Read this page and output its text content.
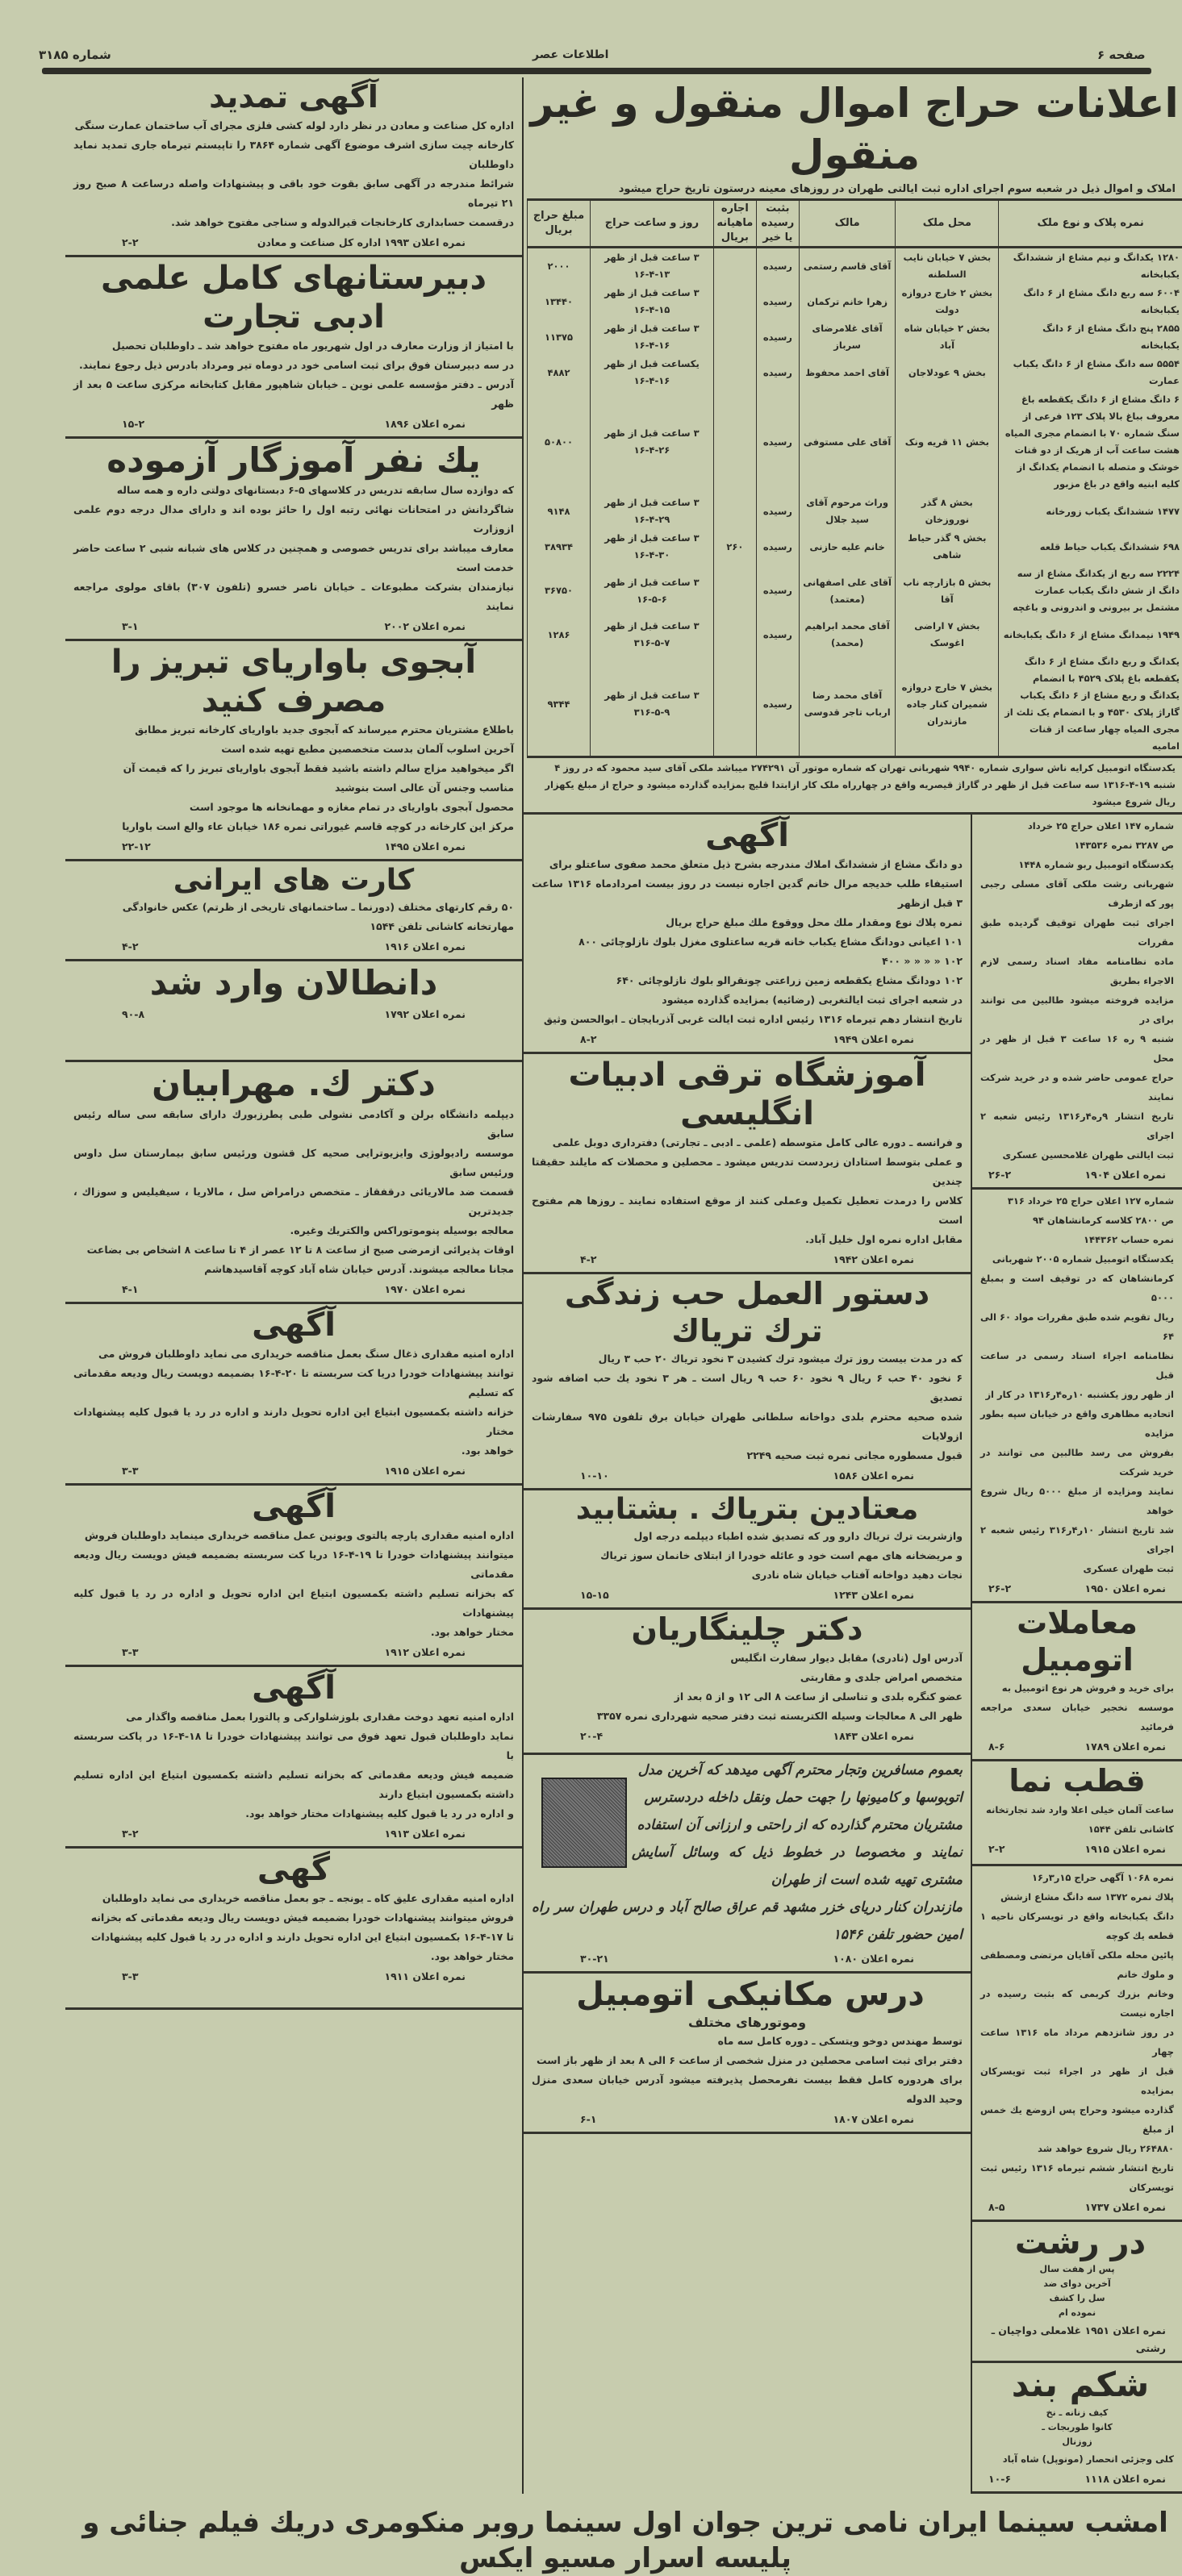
شماره ۳۱۸۵	اطلاعات عصر	صفحه ۶
آگهی تمدید

اداره کل صناعت و معادن در نظر دارد لوله کشی فلزی مجرای آب ساختمان عمارت سنگی

کارخانه چیت سازی اشرف موضوع آگهی شماره ۳۸۶۴ را تاپیستم تیرماه جاری تمدید نماید داوطلبان

شرائط مندرجه در آگهی سابق بقوت خود باقی و پیشنهادات واصله درساعت ۸ صبح روز ۲۱ تیرماه

درقسمت حسابداری کارخانجات قیرالدوله و سناجی مفتوح خواهد شد.

نمره اعلان ۱۹۹۳ اداره کل صناعت و معادن
۲-۲
دبیرستانهای کامل علمی ادبی تجارت

با امتیاز از وزارت معارف در اول شهریور ماه مفتوح خواهد شد ـ داوطلبان تحصیل

در سه دبیرستان فوق برای ثبت اسامی خود در دوماه تیر ومرداد بادرس ذیل رجوع نمایند.

آدرس ـ دفتر مؤسسه علمی نوین ـ خیابان شاهپور مقابل کتابخانه مرکزی ساعت ۵ بعد از ظهر

نمره اعلان ۱۸۹۶
۱۵-۲
یك نفر آموزگار آزموده

که دوازده سال سابقه تدریس در کلاسهای ۵-۶ دبستانهای دولتی داره و همه ساله

شاگردانش در امتحانات نهائی رتبه اول را حائز بوده اند و دارای مدال درجه دوم علمی ازوزارت

معارف میباشد برای تدریس خصوصی و همچنین در کلاس های شبانه شبی ۲ ساعت حاضر خدمت است

نیازمندان بشرکت مطبوعات ـ خیابان ناصر خسرو (تلفون ۳۰۷) باقای مولوی مراجعه نمایند

نمره اعلان ۲۰۰۲
۳-۱
آبجوی باواریای تبریز را مصرف کنید

باطلاع مشتریان محترم میرساند که آبجوی جدید باواریای کارخانه تبریز مطابق

آخرین اسلوب آلمان بدست متخصصین مطبع تهیه شده است

اگر میخواهید مزاج سالم داشته باشید فقط آبجوی باواریای تبریز را که قیمت آن

مناسب وجنس آن عالی است بنوشید

محصول آبجوی باواریای در تمام مغازه و مهمانخانه ها موجود است

مرکز این کارخانه در کوچه قاسم غیوراتی نمره ۱۸۶ خیابان عاء والع است باواریا

نمره اعلان ۱۴۹۵
۲۲-۱۲
کارت های ایرانی

۵۰ رقم کارتهای مختلف (دورنما ـ ساختمانهای تاریخی از ظرتم) عکس خانوادگی

مهارتخانه کاشانی تلفن ۱۵۴۴

نمره اعلان ۱۹۱۶
۴-۲
دانطالان وارد شد
نمره اعلان ۱۷۹۲
۹۰-۸
دکتر ك. مهرابیان

دیپلمه دانشگاه برلن و آکادمی نشولی طبی پطرزبورك دارای سابقه سی ساله رئیس سابق

موسسه رادیولوژی وایزیوترایی صحیه کل قشون ورئیس سابق بیمارستان سل داوس ورئیس سابق

قسمت ضد مالاریائی درقفقاز ـ متخصص درامراض سل ، مالاریا ، سیفیلیس و سوزاك ، جدیدترین

معالجه بوسیله پنوموتوراکس والکتریك وغیره.

اوقات پذیرائی ازمرضی صبح از ساعت ۸ تا ۱۲ عصر از ۴ تا ساعت ۸ اشخاص بی بضاعت

مجانا معالجه میشوند. آدرس خیابان شاه آباد کوچه آقاسیدهاشم

نمره اعلان ۱۹۷۰
۴-۱
آگهی

اداره امنیه مقداری ذغال سنگ بعمل مناقصه خریداری می نماید داوطلبان فروش می

توانند پیشنهادات خودرا دریا کت سربسته تا ۲۰-۴-۱۶ بضمیمه دویست ریال ودیعه مقدماتی که تسلیم

خزانه داشته بکمسیون ابتیاع این اداره تحویل دارند و اداره در رد یا قبول کلیه پیشنهادات مختار

خواهد بود.

نمره اعلان ۱۹۱۵
۳-۳
آگهی

اداره امنیه مقداری پارچه پالتوی ویونین عمل مناقصه خریداری مینماید داوطلبان فروش

میتوانند پیشنهادات خودرا تا ۱۹-۴-۱۶ دریا کت سربسته بضمیمه فیش دویست ریال ودیعه مقدماتی

که بخزانه تسلیم داشته بکمسیون ابتیاع این اداره تحویل و اداره در رد یا قبول کلیه پیشنهادات

مختار خواهد بود.

نمره اعلان ۱۹۱۲
۳-۳
آگهی

اداره امنیه تعهد دوخت مقداری بلوزشلوارکی و پالتورا بعمل مناقصه واگذار می

نماید داوطلبان قبول تعهد فوق می توانند پیشنهادات خودرا تا ۱۸-۴-۱۶ در پاکت سربسته با

ضمیمه فیش ودیعه مقدماتی که بخزانه تسلیم داشته بکمسیون ابتیاع این اداره تسلیم داشته بکمسیون ابتیاع دارند

و اداره در رد یا قبول کلیه پیشنهادات مختار خواهد بود.

نمره اعلان ۱۹۱۳
۳-۲
گهی

اداره امنیه مقداری علیق کاه ـ یونجه ـ جو بعمل مناقصه خریداری می نماید داوطلبان

فروش میتوانند پیشنهادات خودرا بضمیمه فیش دویست ریال ودیعه مقدماتی که بخزانه

تا ۱۷-۴-۱۶ بکمسیون ابتیاع این اداره تحویل دارند و اداره در رد یا قبول کلیه پیشنهادات

مختار خواهد بود.

نمره اعلان ۱۹۱۱
۳-۳
اعلانات حراج اموال منقول و غیر منقول
املاک و اموال ذیل در شعبه سوم اجرای اداره ثبت ایالتی طهران در روزهای معینه درستون تاریخ حراج میشود
نمره پلاک و نوع ملک	محل ملک	مالک	بثبت رسیده یا خیر	اجاره ماهیانه بریال	روز و ساعت حراج	مبلغ حراج بریال
۱۲۸۰ یکدانگ و نیم مشاع از ششدانگ یکبابخانه	بخش ۷ خیابان نایب السلطنه	آقای قاسم رستمی	رسیده		۳ ساعت قبل از ظهر ۱۳-۴-۱۶	۲۰۰۰
۶۰۰۴ سه ربع دانگ مشاع از ۶ دانگ یکبابخانه	بخش ۲ خارج دروازه دولت	زهرا خانم ترکمان	رسیده		۳ ساعت قبل از ظهر ۱۵-۴-۱۶	۱۳۴۴۰
۲۸۵۵ پنج دانگ مشاع از ۶ دانگ یکبابخانه	بخش ۲ خیابان شاه آباد	آقای غلامرضای سرباز	رسیده		۳ ساعت قبل از ظهر ۱۶-۴-۱۶	۱۱۳۷۵
۵۵۵۴ سه دانگ مشاع از ۶ دانگ یکباب عمارت	بخش ۹ عودلاجان	آقای احمد محفوظ	رسیده		یکساعت قبل از ظهر ۱۶-۴-۱۶	۴۸۸۲
۶ دانگ مشاع از ۶ دانگ یکقطعه باغ معروف بباغ بالا پلاک ۱۲۳ فرعی از سنگ شماره ۷۰ با انضمام مجری المیاه هشت ساعت آب از هریک از دو قنات خوشک و متصله با انضمام یکدانگ از کلیه ابنیه واقع در باغ مزبور	بخش ۱۱ قریه ونک	آقای علی مستوفی	رسیده		۳ ساعت قبل از ظهر ۲۶-۴-۱۶	۵۰۸۰۰
۱۴۷۷ ششدانگ یکباب زورخانه	بخش ۸ گذر نوروزخان	وراث مرحوم آقای سید جلال	رسیده		۳ ساعت قبل از ظهر ۲۹-۴-۱۶	۹۱۴۸
۶۹۸ ششدانگ یکباب حیاط قلعه	بخش ۹ گذر حیاط شاهی	خانم علیه حازنی	رسیده	۲۶۰	۳ ساعت قبل از ظهر ۳۰-۴-۱۶	۳۸۹۳۴
۲۲۲۴ سه ربع از یکدانگ مشاع از سه دانگ از شش دانگ یکباب عمارت مشتمل بر بیرونی و اندرونی و باغچه	بخش ۵ بازارچه ناب آقا	آقای علی اصفهانی (معتمد)	رسیده		۳ ساعت قبل از ظهر ۶-۵-۱۶	۳۶۷۵۰
۱۹۴۹ نیمدانگ مشاع از ۶ دانگ یکبابخانه	بخش ۷ اراضی اغوسک	آقای محمد ابراهیم (محمد)	رسیده		۳ ساعت قبل از ظهر ۷-۵-۳۱۶	۱۲۸۶
یکدانگ و ربع دانگ مشاع از ۶ دانگ یکقطعه باغ پلاک ۴۵۲۹ با انضمام یکدانگ و ربع مشاع از ۶ دانگ یکباب گاراژ پلاک ۴۵۳۰ و با انضمام یک ثلث از مجری المیاه چهار ساعت از قنات امامیه	بخش ۷ خارج دروازه شمیران کنار جاده مازندران	آقای محمد رضا ارباب تاجر قدوسی	رسیده		۳ ساعت قبل از ظهر ۹-۵-۳۱۶	۹۳۴۴
یکدستگاه اتومبیل کرایه ناش سواری شماره ۹۹۴۰ شهربانی تهران که شماره موتور آن ۲۷۴۲۹۱ میباشد ملکی آقای سید محمود که در روز ۴ شنبه ۱۹-۴-۱۳۱۶ سه ساعت قبل از ظهر در گاراژ قیصریه واقع در چهارراه ملک کار ازابتدا قلیچ بمزایده گذارده میشود و حراج از مبلغ یکهزار ریال شروع میشود
آگهی

دو دانگ مشاع از ششدانگ املاك مندرجه بشرح ذیل متعلق محمد صفوی ساعتلو برای

استیفاء طلب خدیجه مرال خانم گدین اجاره نیست در روز بیست امردادماه ۱۳۱۶ ساعت ۳ قبل ازظهر

نمره پلاك نوع ومقدار ملك محل ووقوع ملك مبلغ حراج بریال

۱۰۱ اعیانی دودانگ مشاع یکباب خانه قریه ساعتلوی مغزل بلوك نازلوچائی ۸۰۰

۱۰۲ « « « « ۴۰۰

۱۰۲ دودانگ مشاع یکقطعه زمین زراعتی چونقرالو بلوك نازلوچائی ۶۴۰

در شعبه اجرای ثبت ایالتغربی (رضائیه) بمزایده گذارده میشود

تاریخ انتشار دهم تیرماه ۱۳۱۶ رئیس اداره ثبت ایالت غربی آذربایجان ـ ابوالحسن وثیق

نمره اعلان ۱۹۴۹
۸-۲
آموزشگاه ترقی ادبیات انگلیسی

و فرانسه ـ دوره عالی کامل متوسطه (علمی ـ ادبی ـ تجارتی) دفترداری دوبل علمی

و عملی بتوسط استادان زبردست تدریس میشود ـ محصلین و محصلات که مایلند حقیقتا چندین

کلاس را درمدت تعطیل تکمیل وعملی کنند از موقع استفاده نمایند ـ روزها هم مفتوح است

مقابل اداره نمره اول خلیل آباد.

نمره اعلان ۱۹۴۲
۴-۲
دستور العمل حب زندگی ترك تریاك

که در مدت بیست روز ترك میشود ترك کشیدن ۳ نخود تریاك ۲۰ حب ۳ ریال

۶ نخود ۴۰ حب ۶ ریال ۹ نخود ۶۰ حب ۹ ریال است ـ هر ۳ نخود یك حب اضافه شود تصدیق

شده صحیه محترم بلدی دواخانه سلطانی طهران خیابان برق تلفون ۹۷۵ سفارشات ازولایات

قبول مسطوره مجانی نمره ثبت صحیه ۲۲۴۹

نمره اعلان ۱۵۸۶
۱۰-۱۰
معتادین بتریاك . بشتابید

وازشربت ترك تریاك دارو ور که تصدیق شده اطباء دیپلمه درجه اول

و مریضخانه های مهم است خود و عائله خودرا از ابتلای خانمان سوز تریاك

نجات دهید دواخانه آفتاب خیابان شاه نادری

نمره اعلان ۱۲۴۳
۱۵-۱۵
دکتر چلینگاریان

آدرس اول (نادری) مقابل دیوار سفارت انگلیس

متخصص امراض جلدی و مقاربتی

عضو کنگره بلدی و تناسلی از ساعت ۸ الی ۱۲ و از ۵ بعد از

ظهر الی ۸ معالجات وسیله الکتریسته ثبت دفتر صحیه شهرداری نمره ۳۳۵۷

نمره اعلان ۱۸۴۳
۲۰-۴

بعموم مسافرین وتجار محترم آگهی میدهد که آخرین مدل

اتوبوسها و کامیونها را جهت حمل ونقل داخله دردسترس

مشتریان محترم گذارده که از راحتی و ارزانی آن استفاده

نمایند و مخصوصا در خطوط ذیل که وسائل آسایش مشتری تهیه شده است از طهران

مازندران کنار دریای خزر مشهد قم عراق صالح آباد و درس طهران سر راه امین حضور تلفن ۱۵۴۶

نمره اعلان ۱۰۸۰
۳۰-۲۱
درس مکانیکی اتومبیلوموتورهای مختلف

توسط مهندس دوخو ویتسکی ـ دوره کامل سه ماه

دفتر برای ثبت اسامی محصلین در منزل شخصی از ساعت ۶ الی ۸ بعد از ظهر باز است

برای هردوره کامل فقط بیست نفرمحصل پذیرفته میشود آدرس خیابان سعدی منزل وحید الدوله

نمره اعلان ۱۸۰۷
۶-۱

شماره ۱۴۷ اعلان حراج ۲۵ خرداد

ص ۳۲۸۷ نمره ۱۴۳۵۳۶

یکدستگاه اتومبیل ربو شماره ۱۴۴۸

شهربانی رشت ملکی آقای مسلی رجبی پور که ازطرف

اجرای ثبت طهران توقیف گردیده طبق مقررات

ماده نظامنامه مفاد اسناد رسمی لازم الاجراء بطریق

مزایده فروخته میشود طالبین می توانند برای در

شنبه ۹ ره ۱۶ ساعت ۳ قبل از ظهر در محل

حراج عمومی حاضر شده و در خرید شرکت نمایند

تاریخ انتشار ۹ره۴ر۱۳۱۶ رئیس شعبه ۲ اجرای

ثبت ایالتی طهران غلامحسین عسکری

نمره اعلان ۱۹۰۴
۲۶-۲

شماره ۱۲۷ اعلان حراج ۲۵ خرداد ۳۱۶

ص ۲۸۰۰ کلاسه کرمانشاهان ۹۴

نمره حساب ۱۴۴۳۶۲

یکدستگاه اتومبیل شماره ۲۰۰۵ شهربانی

کرمانشاهان که در توقیف است و بمبلغ ۵۰۰۰

ریال تقویم شده طبق مقررات مواد ۶۰ الی ۶۴

نظامنامه اجراء اسناد رسمی در ساعت قبل

از ظهر روز یکشنبه ۱۰ره۴ر۱۳۱۶ در کار از

اتحادیه مظاهری واقع در خیابان سپه بطور مزایده

بفروش می رسد طالبین می توانند در خرید شرکت

نمایند ومزایده از مبلغ ۵۰۰۰ ریال شروع خواهد

شد تاریخ انتشار ۱۰ر۴ر۳۱۶ رئیس شعبه ۲ اجرای

ثبت طهران عسکری

نمره اعلان ۱۹۵۰
۲۶-۲
معاملات اتومبیل

برای خرید و فروش هر نوع اتومبیل به

موسسه نخجیر خیابان سعدی مراجعه فرمائید

نمره اعلان ۱۷۸۹
۸-۶
قطب نما

ساعت آلمان خیلی اعلا وارد شد تجارتخانه

کاشانی تلفن ۱۵۴۴

نمره اعلان ۱۹۱۵
۲-۲

نمره ۱۰۶۸ آگهی حراج ۱۵ر۳ر۱۶

پلاك نمره ۱۳۷۲ سه دانگ مشاع ازشش

دانگ یکبابخانه واقع در تویسرکان ناحیه ۱ قطعه یك کوچه

پائین محله ملکی آقایان مرتضی ومصطفی و ملوك خانم

وخانم بزرك کربمی که بثبت رسیده در اجاره نیست

در روز شانزدهم مرداد ماه ۱۳۱۶ ساعت چهار

قبل از ظهر در اجراء ثبت تویسرکان بمزایده

گذارده میشود وحراج پس ازوضع یك خمس از مبلغ

۲۶۴۸۸۰ ریال شروع خواهد شد

تاریخ انتشار ششم تیرماه ۱۳۱۶ رئیس ثبت تویسرکان

نمره اعلان ۱۷۳۷
۸-۵
در رشتپس از هفت سال آخرین دوای ضد سل را کشف نموده ام
نمره اعلان ۱۹۵۱ غلامعلی دواچیان ـ رشتی
شکم بندکیف زنانه ـ نخ کانوا طوربجات ـ زوزنال

کلی وجزئی انحصار (مونوپل) شاه آباد

نمره اعلان ۱۱۱۸
۱۰-۶
امشب سینما ایران نامی ترین جوان اول سینما روبر منکومری دریك فیلم جنائی و پلیسه اسرار مسیو ایکس
